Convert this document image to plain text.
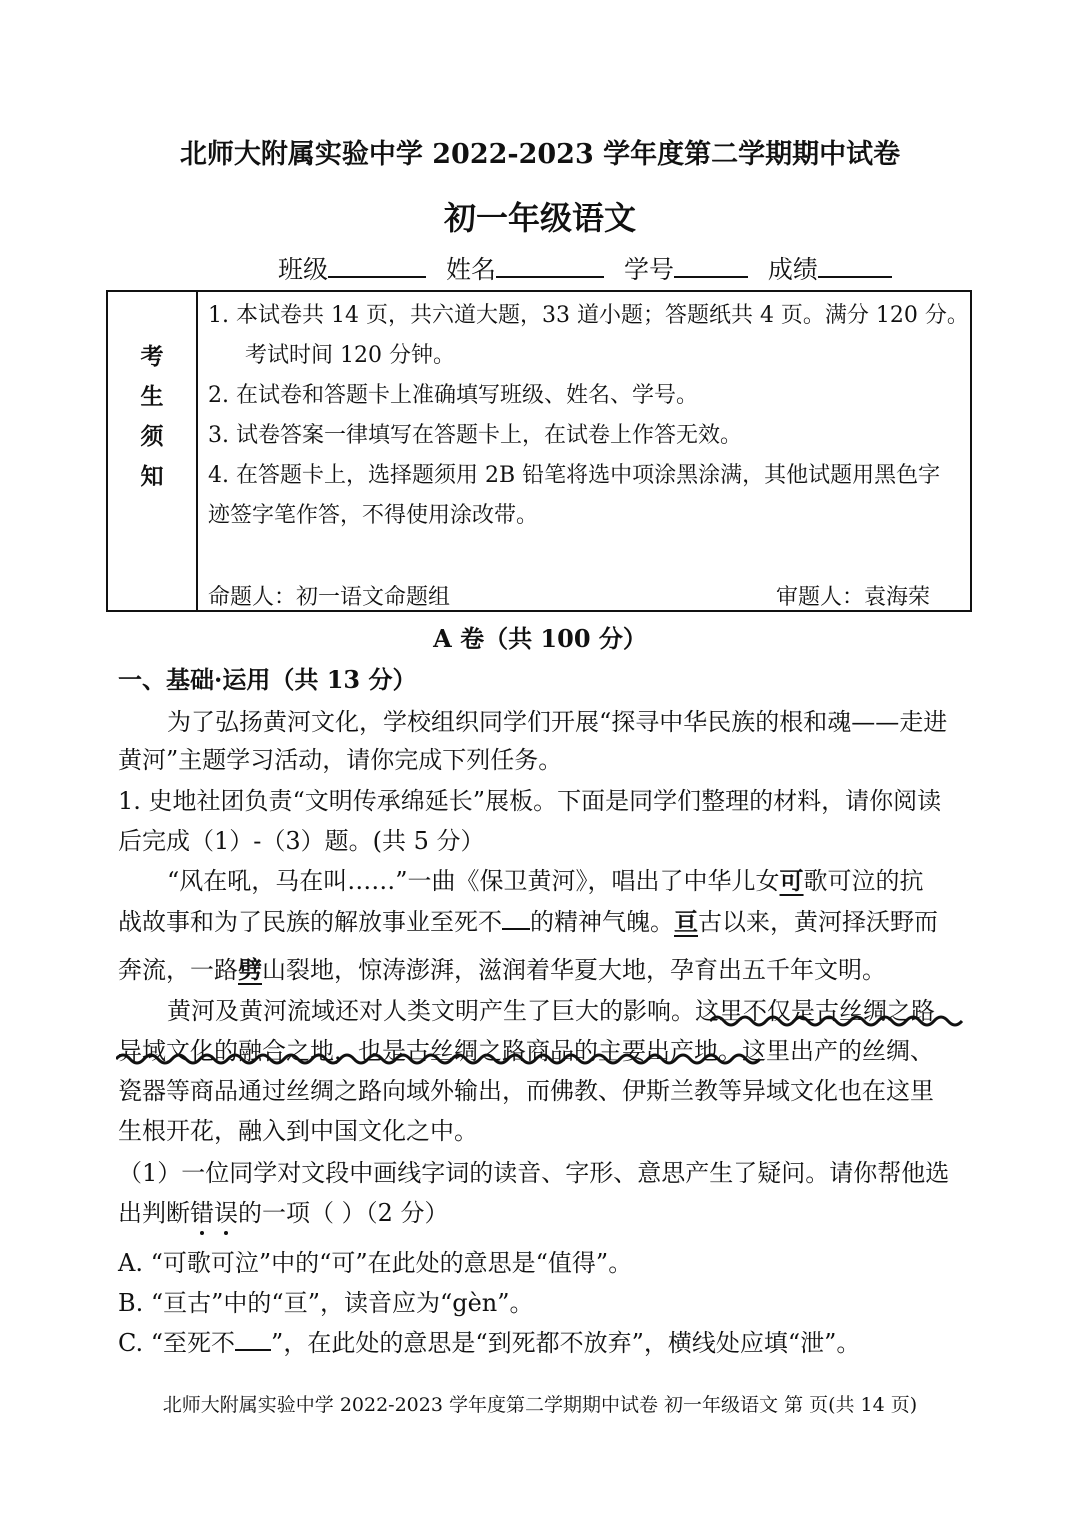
北师大附属实验中学 2022-2023 学年度第二学期期中试卷
初一年级语文
班级	姓名	学号	成绩
考
生
须
知
1. 本试卷共 14 页，共六道大题，33 道小题；答题纸共 4 页。满分 120 分。
考试时间 120 分钟。
2. 在试卷和答题卡上准确填写班级、姓名、学号。
3. 试卷答案一律填写在答题卡上，在试卷上作答无效。
4. 在答题卡上，选择题须用 2B 铅笔将选中项涂黑涂满，其他试题用黑色字
迹签字笔作答，不得使用涂改带。
命题人：初一语文命题组	审题人：袁海荣
A 卷（共 100 分）
一、基础·运用（共 13 分）
为了弘扬黄河文化，学校组织同学们开展“探寻中华民族的根和魂——走进
黄河”主题学习活动，请你完成下列任务。
1. 史地社团负责“文明传承绵延长”展板。下面是同学们整理的材料，请你阅读
后完成（1）-（3）题。(共 5 分）
“风在吼，马在叫……”一曲《保卫黄河》，唱出了中华儿女可歌可泣的抗
战故事和为了民族的解放事业至死不 的精神气魄。亘古以来，黄河择沃野而
奔流，一路劈山裂地，惊涛澎湃，滋润着华夏大地，孕育出五千年文明。
黄河及黄河流域还对人类文明产生了巨大的影响。这里不仅是古丝绸之路
异域文化的融合之地，也是古丝绸之路商品的主要出产地。这里出产的丝绸、
瓷器等商品通过丝绸之路向域外输出，而佛教、伊斯兰教等异域文化也在这里
生根开花，融入到中国文化之中。
（1）一位同学对文段中画线字词的读音、字形、意思产生了疑问。请你帮他选
出判断错误的一项（ ）（2 分）
A. “可歌可泣”中的“可”在此处的意思是“值得”。
B. “亘古”中的“亘”，读音应为“gèn”。
C. “至死不 ”，在此处的意思是“到死都不放弃”，横线处应填“泄”。
北师大附属实验中学 2022-2023 学年度第二学期期中试卷 初一年级语文 第 页(共 14 页)
